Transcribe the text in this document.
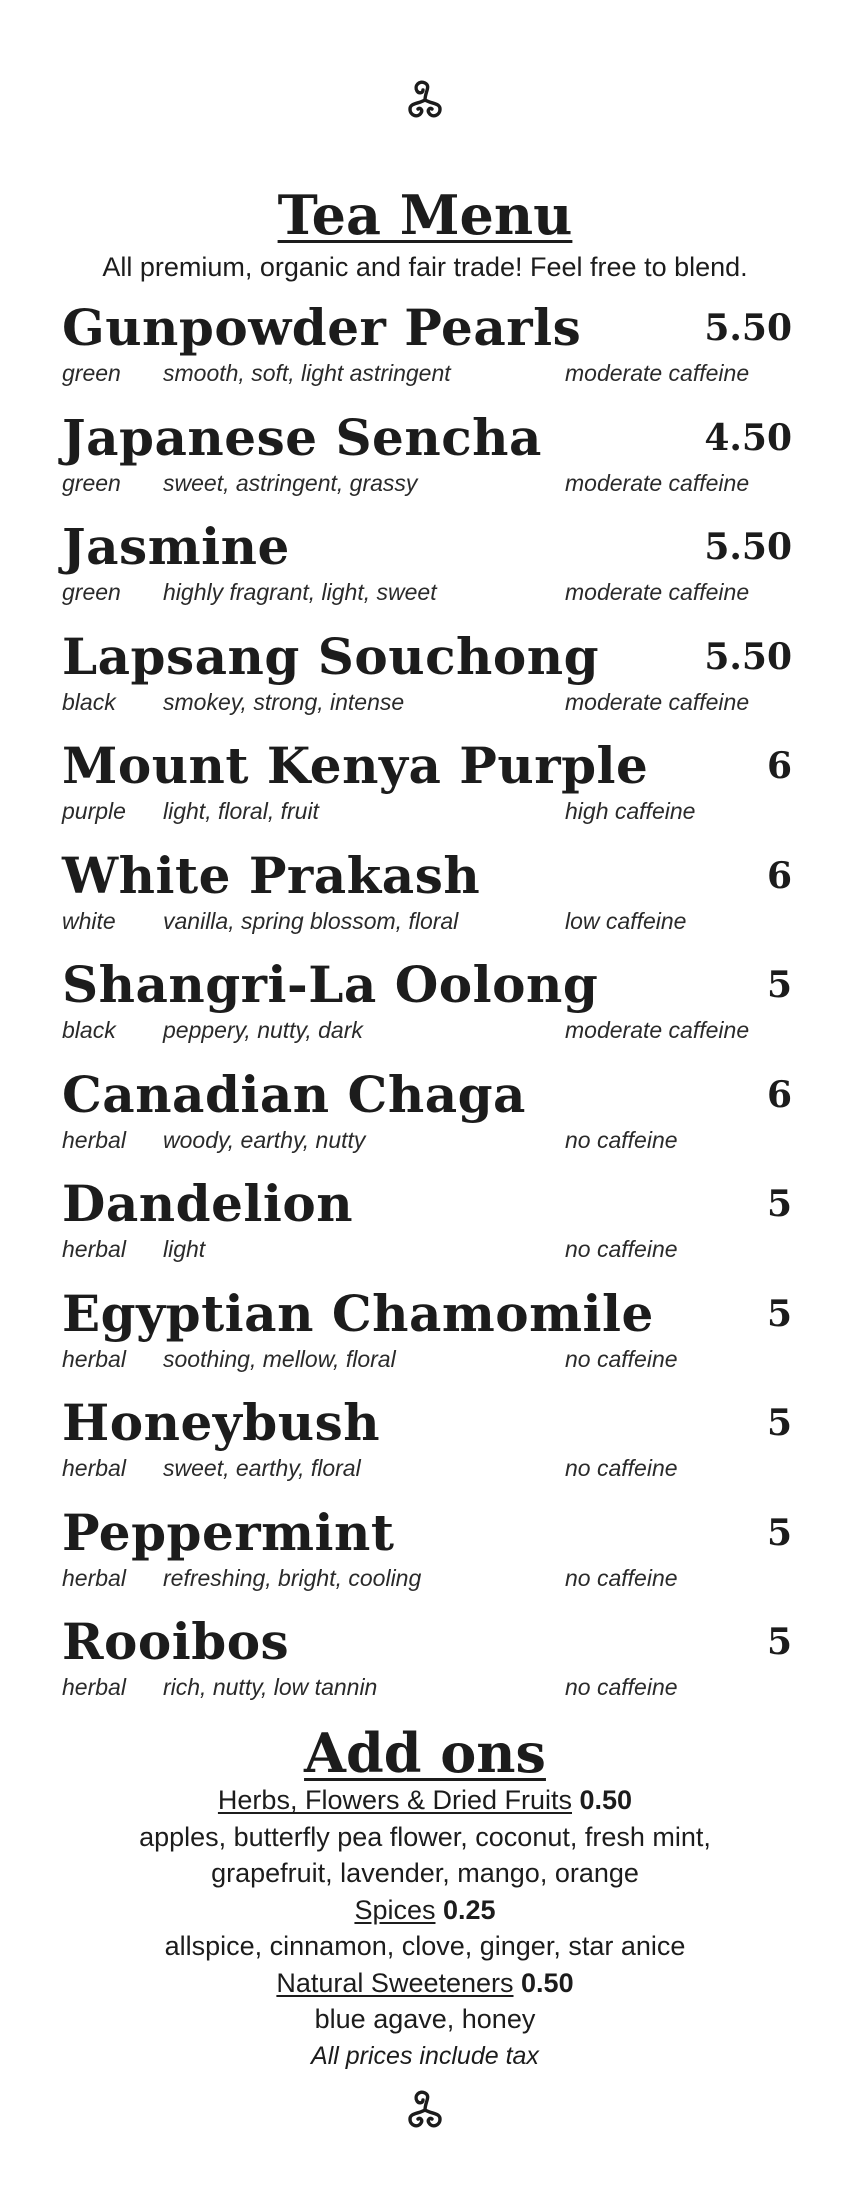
Tea Menu
All premium, organic and fair trade! Feel free to blend.
Gunpowder Pearls	5.50
green smooth, soft, light astringent	moderate caffeine
Japanese Sencha	4.50
green sweet, astringent, grassy	moderate caffeine
Jasmine	5.50
green highly fragrant, light, sweet	moderate caffeine
Lapsang Souchong	5.50
black smokey, strong, intense	moderate caffeine
Mount Kenya Purple	6
purple light, floral, fruit	high caffeine
White Prakash	6
white vanilla, spring blossom, floral	low caffeine
Shangri-La Oolong	5
black peppery, nutty, dark	moderate caffeine
Canadian Chaga	6
herbal woody, earthy, nutty	no caffeine
Dandelion	5
herbal light	no caffeine
Egyptian Chamomile	5
herbal soothing, mellow, floral	no caffeine
Honeybush	5
herbal sweet, earthy, floral	no caffeine
Peppermint	5
herbal refreshing, bright, cooling	no caffeine
Rooibos	5
herbal rich, nutty, low tannin	no caffeine
Add ons
Herbs, Flowers & Dried Fruits 0.50
apples, butterfly pea flower, coconut, fresh mint,
grapefruit, lavender, mango, orange
Spices 0.25
allspice, cinnamon, clove, ginger, star anice
Natural Sweeteners 0.50
blue agave, honey
All prices include tax
